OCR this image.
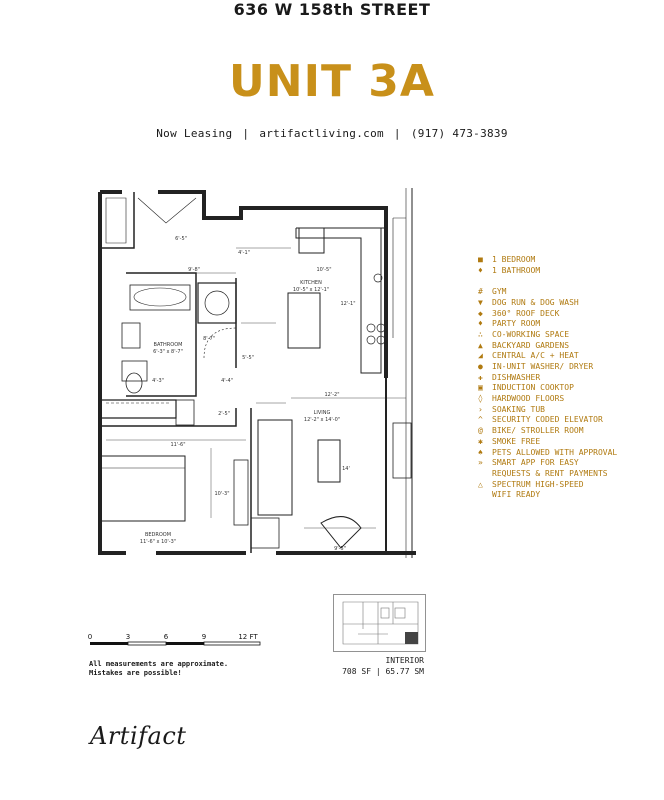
636 W 158th STREET
UNIT 3A
Now Leasing | artifactliving.com | (917) 473-3839
KITCHEN
10'-5" x 12'-1"
BATHROOM
6'-3" x 8'-7"
LIVING
12'-2" x 14'-0"
BEDROOM
11'-6" x 10'-3"
6'-5"
4'-1"
9'-8"	10'-5"
12'-1"
8'-7"
5'-5"
4'-3"	4'-4"
2'-5"
12'-2"
11'-6"
10'-3"
14'
9'-5"
■	1 BEDROOM
♦	1 BATHROOM
#	GYM
▼	DOG RUN & DOG WASH
◆	360° ROOF DECK
♦	PARTY ROOM
∴	CO-WORKING SPACE
▲	BACKYARD GARDENS
◢	CENTRAL A/C + HEAT
●	IN-UNIT WASHER/ DRYER
✚	DISHWASHER
▣	INDUCTION COOKTOP
◊	HARDWOOD FLOORS
›	SOAKING TUB
^	SECURITY CODED ELEVATOR
@	BIKE/ STROLLER ROOM
✱	SMOKE FREE
♠	PETS ALLOWED WITH APPROVAL
»	SMART APP FOR EASY
REQUESTS & RENT PAYMENTS
△	SPECTRUM HIGH-SPEED
WIFI READY
0	3	6	9	12 FT
All measurements are approximate.
Mistakes are possible!
INTERIOR
708 SF | 65.77 SM
Artifact
